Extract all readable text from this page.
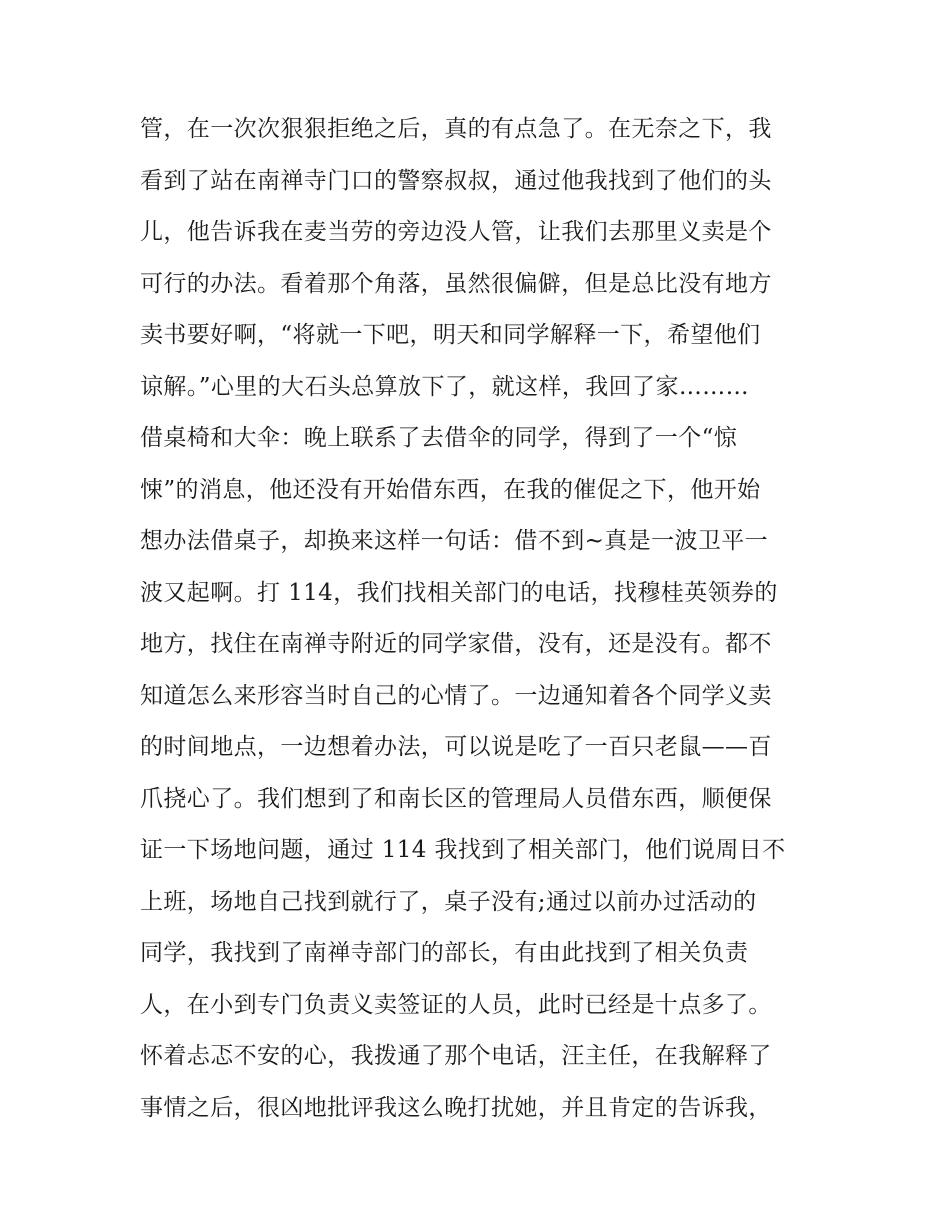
管，在一次次狠狠拒绝之后，真的有点急了。在无奈之下，我
看到了站在南禅寺门口的警察叔叔，通过他我找到了他们的头
儿，他告诉我在麦当劳的旁边没人管，让我们去那里义卖是个
可行的办法。看着那个角落，虽然很偏僻，但是总比没有地方
卖书要好啊，“将就一下吧，明天和同学解释一下，希望他们
谅解。”心里的大石头总算放下了，就这样，我回了家………
借桌椅和大伞：晚上联系了去借伞的同学，得到了一个“惊
悚”的消息，他还没有开始借东西，在我的催促之下，他开始
想办法借桌子，却换来这样一句话：借不到~真是一波卫平一
波又起啊。打 114，我们找相关部门的电话，找穆桂英领券的
地方，找住在南禅寺附近的同学家借，没有，还是没有。都不
知道怎么来形容当时自己的心情了。一边通知着各个同学义卖
的时间地点，一边想着办法，可以说是吃了一百只老鼠——百
爪挠心了。我们想到了和南长区的管理局人员借东西，顺便保
证一下场地问题，通过 114 我找到了相关部门，他们说周日不
上班，场地自己找到就行了，桌子没有;通过以前办过活动的
同学，我找到了南禅寺部门的部长，有由此找到了相关负责
人，在小到专门负责义卖签证的人员，此时已经是十点多了。
怀着忐忑不安的心，我拨通了那个电话，汪主任，在我解释了
事情之后，很凶地批评我这么晚打扰她，并且肯定的告诉我，
